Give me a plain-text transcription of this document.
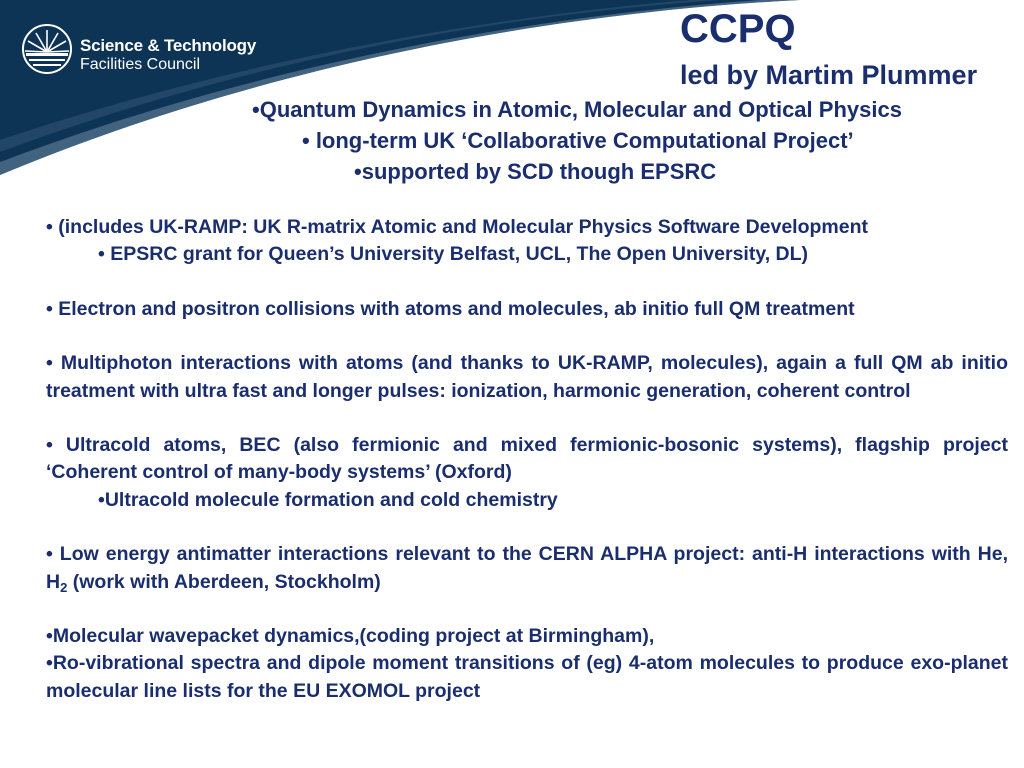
Science & Technology
Facilities Council
CCPQ
led by Martim Plummer

•Quantum Dynamics in Atomic, Molecular and Optical Physics

• long-term UK ‘Collaborative Computational Project’

•supported by SCD though EPSRC

• (includes UK-RAMP: UK R-matrix Atomic and Molecular Physics Software Development

• EPSRC grant for Queen’s University Belfast, UCL, The Open University, DL)

• Electron and positron collisions with atoms and molecules, ab initio full QM treatment

• Multiphoton interactions with atoms (and thanks to UK-RAMP, molecules), again a full QM ab initio treatment with ultra fast and longer pulses: ionization, harmonic generation, coherent control

• Ultracold atoms, BEC (also fermionic and mixed fermionic-bosonic systems), flagship project ‘Coherent control of many-body systems’ (Oxford)

•Ultracold molecule formation and cold chemistry

• Low energy antimatter interactions relevant to the CERN ALPHA project: anti-H interactions with He, $H_2$ (work with Aberdeen, Stockholm)

•Molecular wavepacket dynamics,(coding project at Birmingham),

•Ro-vibrational spectra and dipole moment transitions of (eg) 4-atom molecules to produce exo-planet molecular line lists for the EU EXOMOL project
